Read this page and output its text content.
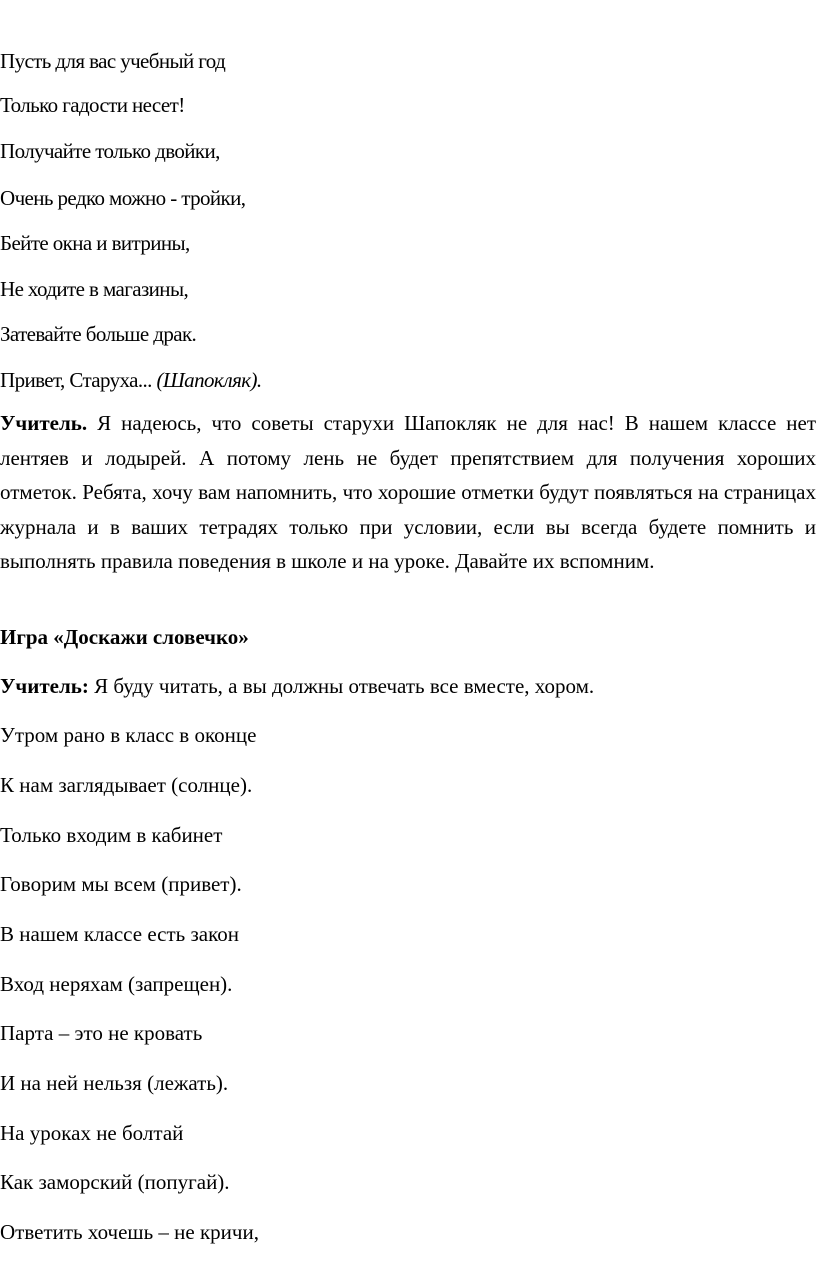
Пусть для вас учебный год
Только гадости несет!
Получайте только двойки,
Очень редко можно - тройки,
Бейте окна и витрины,
Не ходите в магазины,
Затевайте больше драк.
Привет, Старуха... (Шапокляк).
Учитель. Я надеюсь, что советы старухи Шапокляк не для нас! В нашем классе нет лентяев и лодырей. А потому лень не будет препятствием для получения хороших отметок. Ребята, хочу вам напомнить, что хорошие отметки будут появляться на страницах журнала и в ваших тетрадях только при условии, если вы всегда будете помнить и выполнять правила поведения в школе и на уроке. Давайте их вспомним.
Игра «Доскажи словечко»
Учитель: Я буду читать, а вы должны отвечать все вместе, хором.
Утром рано в класс в оконце
К нам заглядывает (солнце).
Только входим в кабинет
Говорим мы всем (привет).
В нашем классе есть закон
Вход неряхам (запрещен).
Парта – это не кровать
И на ней нельзя (лежать).
На уроках не болтай
Как заморский (попугай).
Ответить хочешь – не кричи,
